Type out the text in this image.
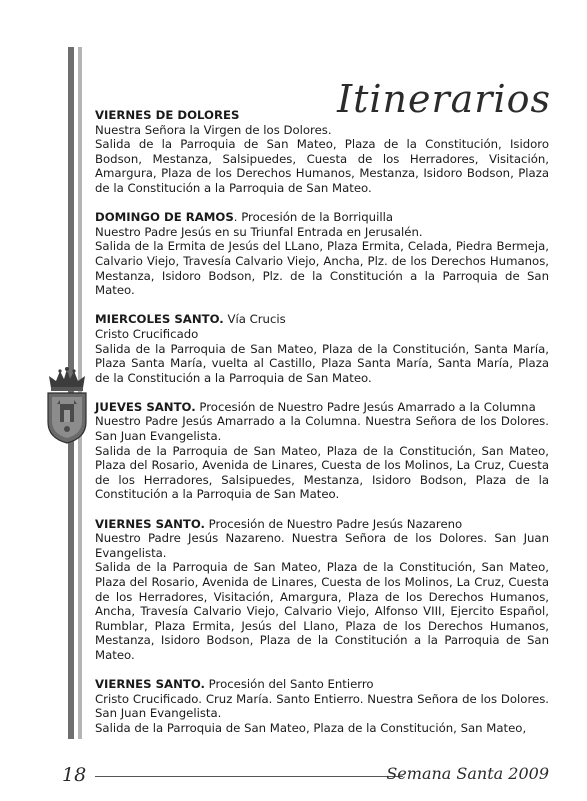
Itinerarios
VIERNES DE DOLORES
Nuestra Señora la Virgen de los Dolores.
Salida de la Parroquia de San Mateo, Plaza de la Constitución, Isidoro Bodson, Mestanza, Salsipuedes, Cuesta de los Herradores, Visitación, Amargura, Plaza de los Derechos Humanos, Mestanza, Isidoro Bodson, Plaza de la Constitución a la Parroquia de San Mateo.
DOMINGO DE RAMOS. Procesión de la Borriquilla
Nuestro Padre Jesús en su Triunfal Entrada en Jerusalén.
Salida de la Ermita de Jesús del LLano, Plaza Ermita, Celada, Piedra Bermeja, Calvario Viejo, Travesía Calvario Viejo, Ancha, Plz. de los Derechos Humanos, Mestanza, Isidoro Bodson, Plz. de la Constitución a la Parroquia de San Mateo.
MIERCOLES SANTO. Vía Crucis
Cristo Crucificado
Salida de la Parroquia de San Mateo, Plaza de la Constitución, Santa María, Plaza Santa María, vuelta al Castillo, Plaza Santa María, Santa María, Plaza de la Constitución a la Parroquia de San Mateo.
JUEVES SANTO. Procesión de Nuestro Padre Jesús Amarrado a la Columna
Nuestro Padre Jesús Amarrado a la Columna. Nuestra Señora de los Dolores. San Juan Evangelista.
Salida de la Parroquia de San Mateo, Plaza de la Constitución, San Mateo, Plaza del Rosario, Avenida de Linares, Cuesta de los Molinos, La Cruz, Cuesta de los Herradores, Salsipuedes, Mestanza, Isidoro Bodson, Plaza de la Constitución a la Parroquia de San Mateo.
VIERNES SANTO. Procesión de Nuestro Padre Jesús Nazareno
Nuestro Padre Jesús Nazareno. Nuestra Señora de los Dolores. San Juan Evangelista.
Salida de la Parroquia de San Mateo, Plaza de la Constitución, San Mateo, Plaza del Rosario, Avenida de Linares, Cuesta de los Molinos, La Cruz, Cuesta de los Herradores, Visitación, Amargura, Plaza de los Derechos Humanos, Ancha, Travesía Calvario Viejo, Calvario Viejo, Alfonso VIII, Ejercito Español, Rumblar, Plaza Ermita, Jesús del Llano, Plaza de los Derechos Humanos, Mestanza, Isidoro Bodson, Plaza de la Constitución a la Parroquia de San Mateo.
VIERNES SANTO. Procesión del Santo Entierro
Cristo Crucificado. Cruz María. Santo Entierro. Nuestra Señora de los Dolores. San Juan Evangelista.
Salida de la Parroquia de San Mateo, Plaza de la Constitución, San Mateo,
18	Semana Santa 2009
